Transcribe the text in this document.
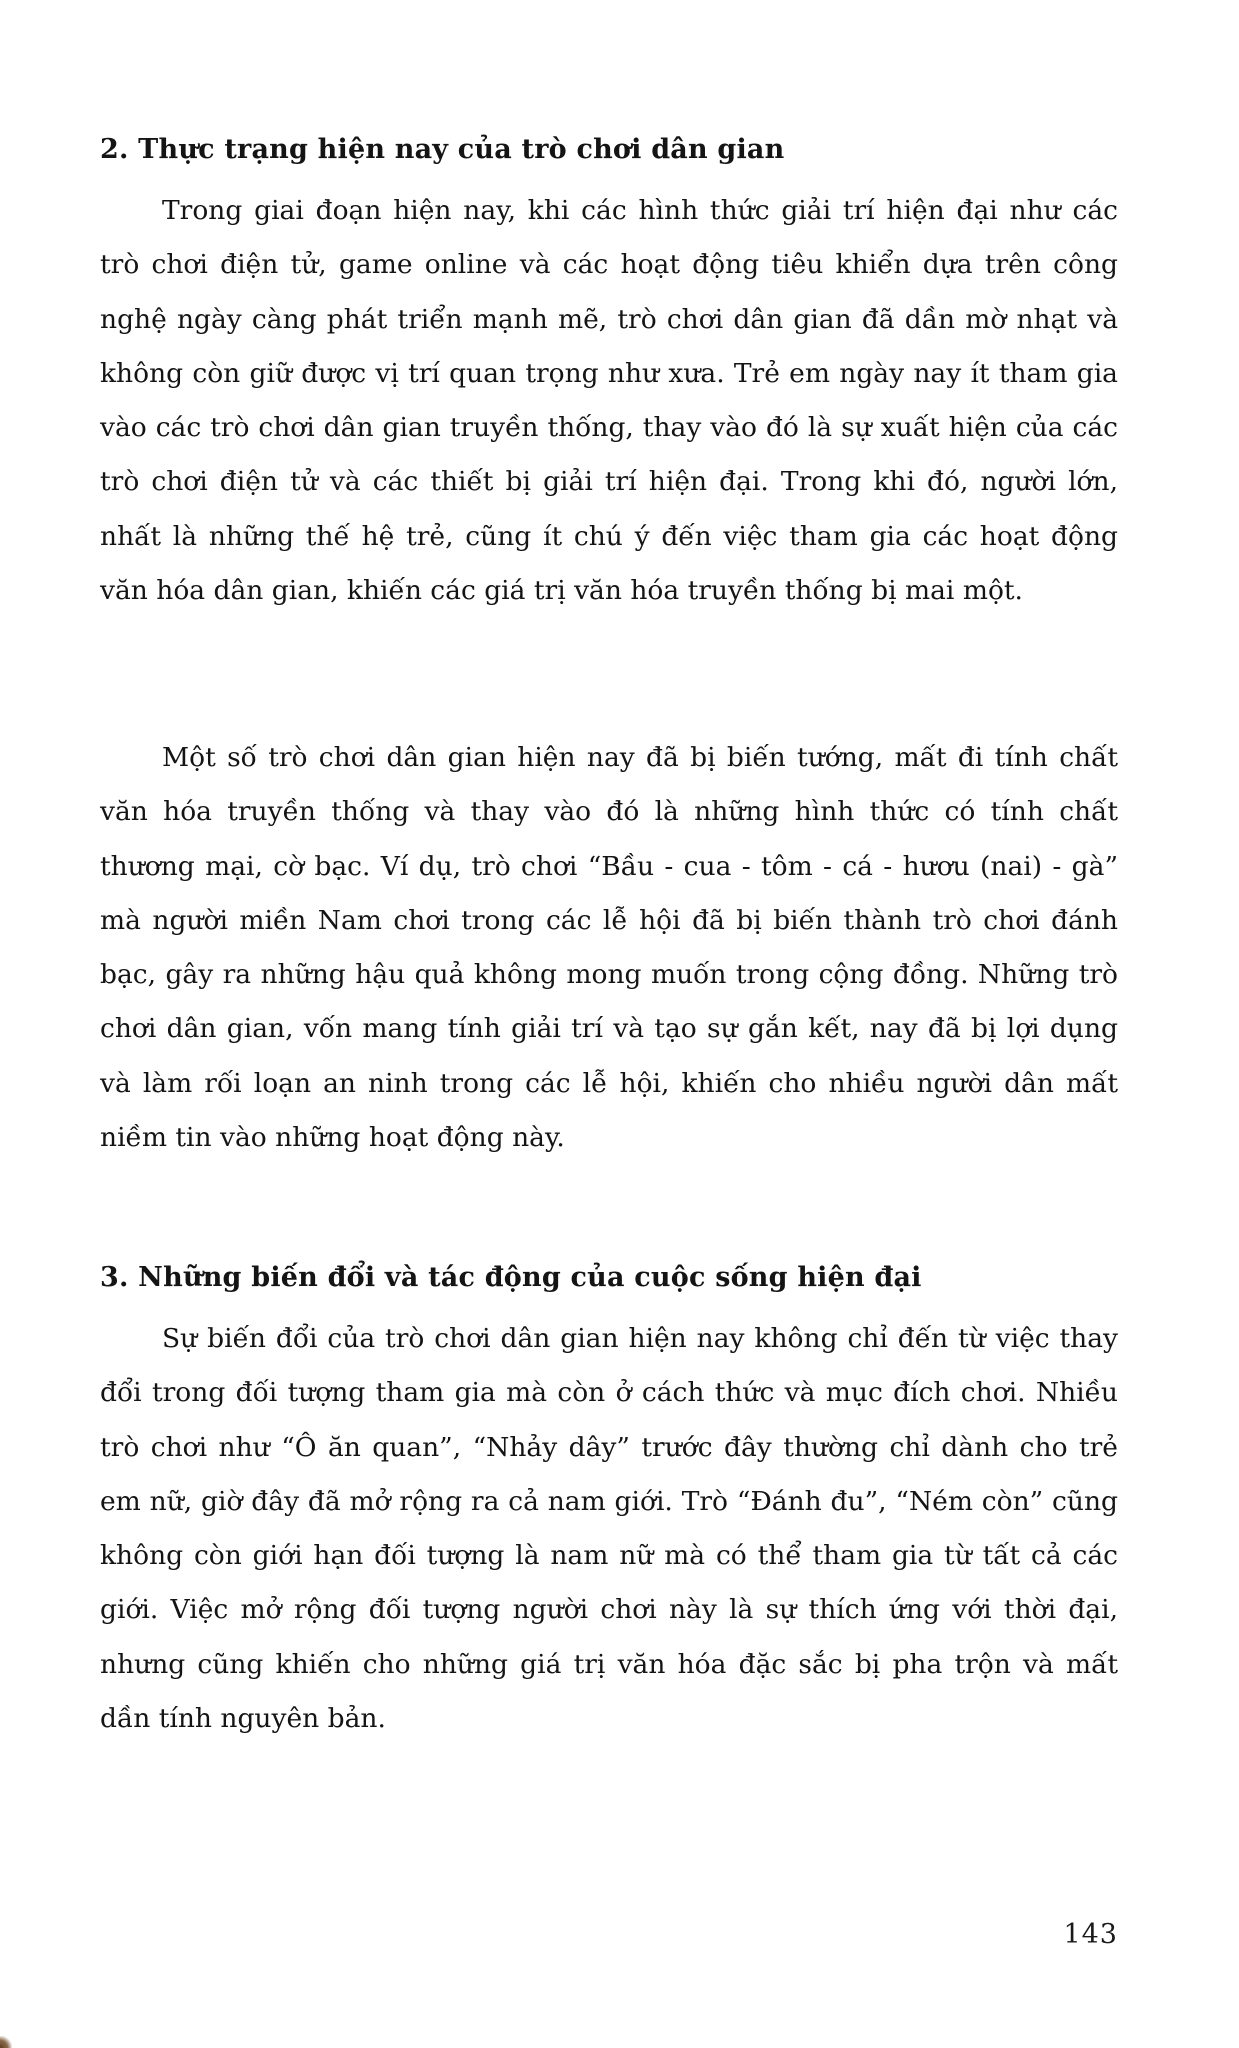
2. Thực trạng hiện nay của trò chơi dân gian

Trong giai đoạn hiện nay, khi các hình thức giải trí hiện đại như các trò chơi điện tử, game online và các hoạt động tiêu khiển dựa trên công nghệ ngày càng phát triển mạnh mẽ, trò chơi dân gian đã dần mờ nhạt và không còn giữ được vị trí quan trọng như xưa. Trẻ em ngày nay ít tham gia vào các trò chơi dân gian truyền thống, thay vào đó là sự xuất hiện của các trò chơi điện tử và các thiết bị giải trí hiện đại. Trong khi đó, người lớn, nhất là những thế hệ trẻ, cũng ít chú ý đến việc tham gia các hoạt động văn hóa dân gian, khiến các giá trị văn hóa truyền thống bị mai một.

Một số trò chơi dân gian hiện nay đã bị biến tướng, mất đi tính chất văn hóa truyền thống và thay vào đó là những hình thức có tính chất thương mại, cờ bạc. Ví dụ, trò chơi “Bầu - cua - tôm - cá - hươu (nai) - gà” mà người miền Nam chơi trong các lễ hội đã bị biến thành trò chơi đánh bạc, gây ra những hậu quả không mong muốn trong cộng đồng. Những trò chơi dân gian, vốn mang tính giải trí và tạo sự gắn kết, nay đã bị lợi dụng và làm rối loạn an ninh trong các lễ hội, khiến cho nhiều người dân mất niềm tin vào những hoạt động này.

3. Những biến đổi và tác động của cuộc sống hiện đại

Sự biến đổi của trò chơi dân gian hiện nay không chỉ đến từ việc thay đổi trong đối tượng tham gia mà còn ở cách thức và mục đích chơi. Nhiều trò chơi như “Ô ăn quan”, “Nhảy dây” trước đây thường chỉ dành cho trẻ em nữ, giờ đây đã mở rộng ra cả nam giới. Trò “Đánh đu”, “Ném còn” cũng không còn giới hạn đối tượng là nam nữ mà có thể tham gia từ tất cả các giới. Việc mở rộng đối tượng người chơi này là sự thích ứng với thời đại, nhưng cũng khiến cho những giá trị văn hóa đặc sắc bị pha trộn và mất dần tính nguyên bản.

143
